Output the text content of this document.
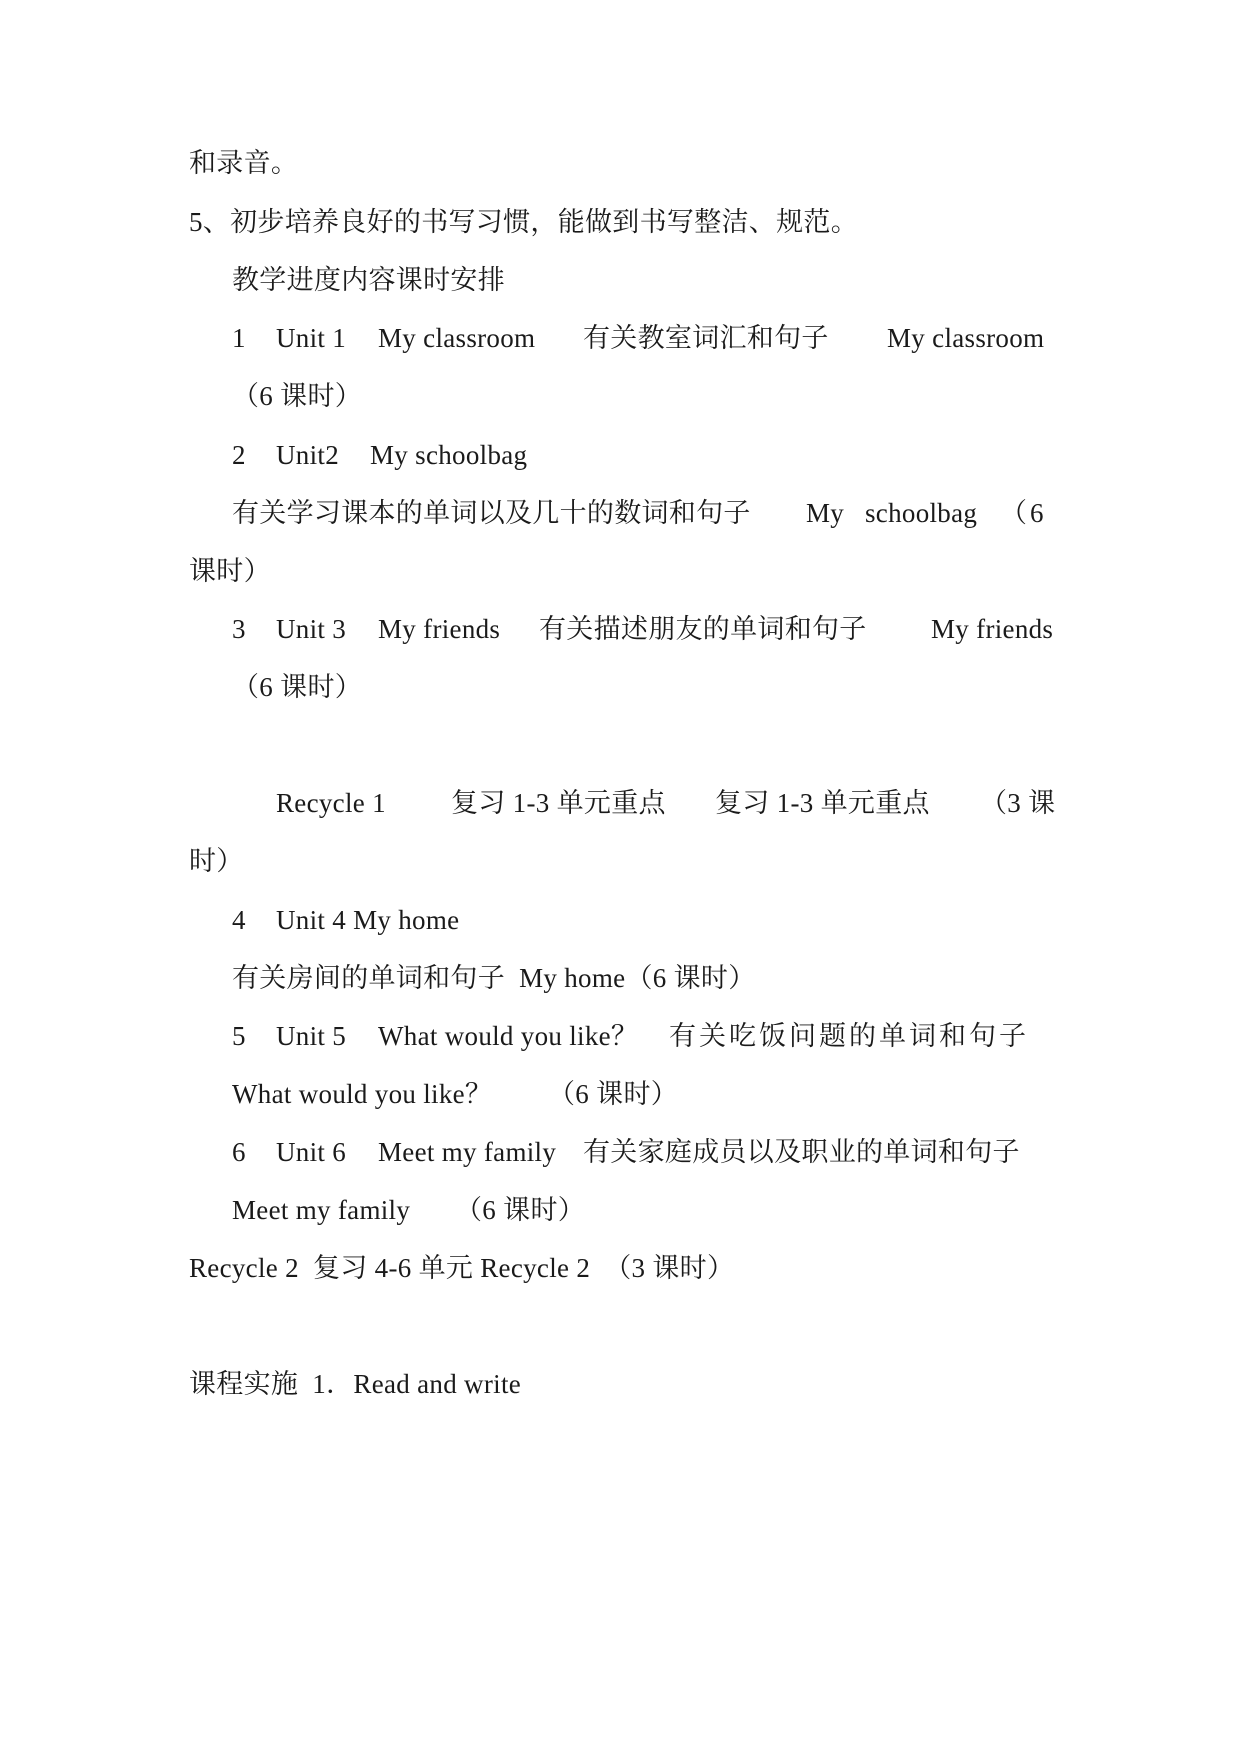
和录音。
5、初步培养良好的书写习惯，能做到书写整洁、规范。
教学进度内容课时安排
1 Unit 1 My classroom 有关教室词汇和句子 My classroom
（6 课时）
2 Unit2 My schoolbag
有关学习课本的单词以及几十的数词和句子 My schoolbag （ 6
课时）
3 Unit 3 My friends 有关描述朋友的单词和句子 My friends
（6 课时）
Recycle 1 复习 1-3 单元重点 复习 1-3 单元重点 （3 课
时）
4 Unit 4 My home
有关房间的单词和句子  My home（6 课时）
5 Unit 5 What would you like？ 有关吃饭问题的单词和句子
What would you like？ （6 课时）
6 Unit 6 Meet my family 有关家庭成员以及职业的单词和句子
Meet my family （6 课时）
Recycle 2  复习 4-6 单元 Recycle 2  （3 课时）
课程实施  1．Read and write
